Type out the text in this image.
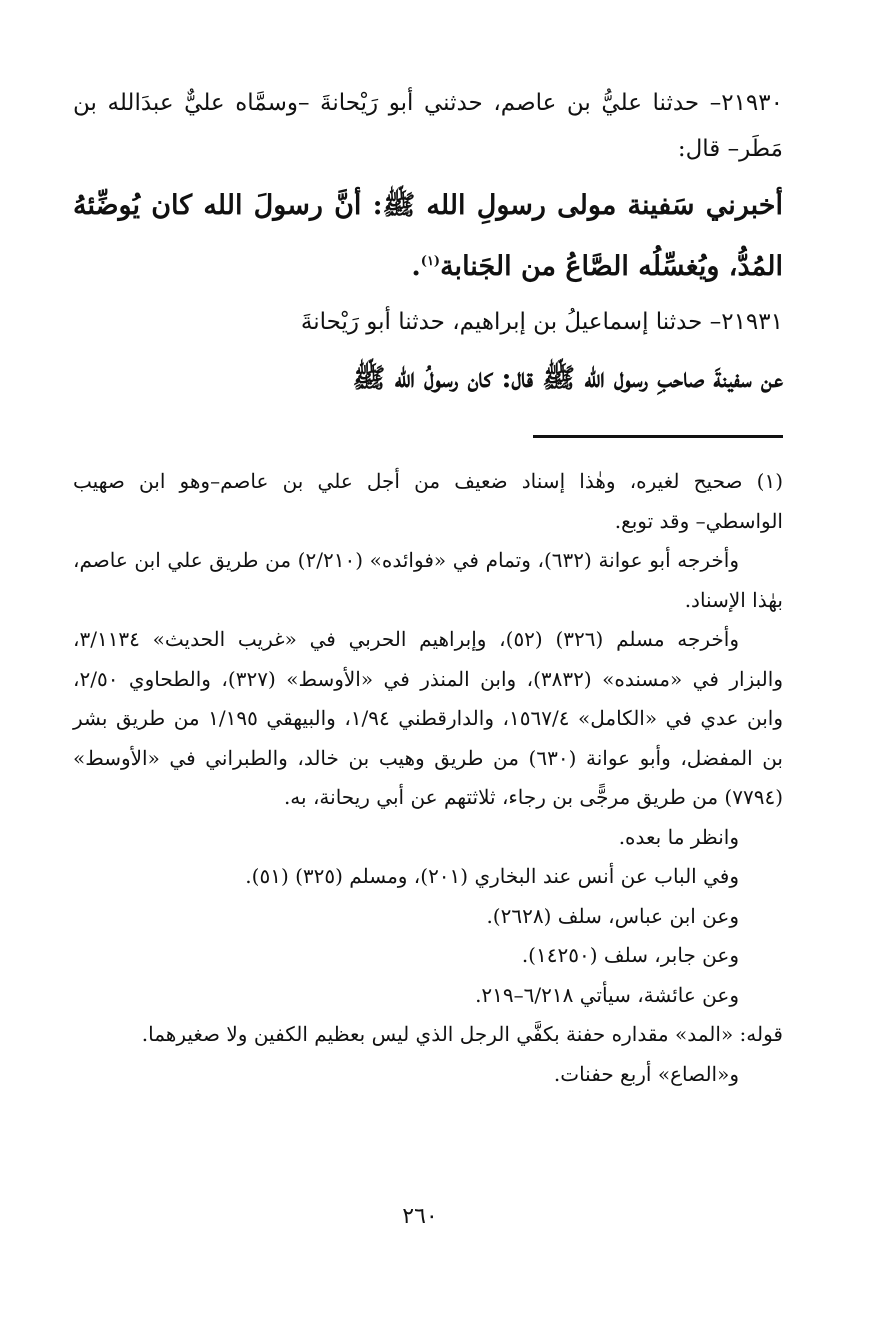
٢١٩٣٠– حدثنا عليُّ بن عاصم، حدثني أبو رَيْحانةَ –وسمَّاه عليٌّ عبدَالله بن مَطَر– قال:

أخبرني سَفينة مولى رسولِ الله ﷺ: أنَّ رسولَ الله كان يُوضِّئهُ المُدُّ، ويُغسِّلُه الصَّاعُ من الجَنابة$^{(١)}$.

٢١٩٣١– حدثنا إسماعيلُ بن إبراهيم، حدثنا أبو رَيْحانةَ

عن سفينةَ صاحبِ رسول الله ﷺ قال: كان رسولُ الله ﷺ

(١) صحيح لغيره، وهٰذا إسناد ضعيف من أجل علي بن عاصم–وهو ابن صهيب الواسطي– وقد توبع.

وأخرجه أبو عوانة (٦٣٢)، وتمام في «فوائده» (٢/٢١٠) من طريق علي ابن عاصم، بهٰذا الإسناد.

وأخرجه مسلم (٣٢٦) (٥٢)، وإبراهيم الحربي في «غريب الحديث» ٣/١١٣٤، والبزار في «مسنده» (٣٨٣٢)، وابن المنذر في «الأوسط» (٣٢٧)، والطحاوي ٢/٥٠، وابن عدي في «الكامل» ١٥٦٧/٤، والدارقطني ١/٩٤، والبيهقي ١/١٩٥ من طريق بشر بن المفضل، وأبو عوانة (٦٣٠) من طريق وهيب بن خالد، والطبراني في «الأوسط» (٧٧٩٤) من طريق مرجًّى بن رجاء، ثلاثتهم عن أبي ريحانة، به.

وانظر ما بعده.

وفي الباب عن أنس عند البخاري (٢٠١)، ومسلم (٣٢٥) (٥١).

وعن ابن عباس، سلف (٢٦٢٨).

وعن جابر، سلف (١٤٢٥٠).

وعن عائشة، سيأتي ٦/٢١٨–٢١٩.

قوله: «المد» مقداره حفنة بكفَّي الرجل الذي ليس بعظيم الكفين ولا صغيرهما.

و«الصاع» أربع حفنات.

٢٦٠
